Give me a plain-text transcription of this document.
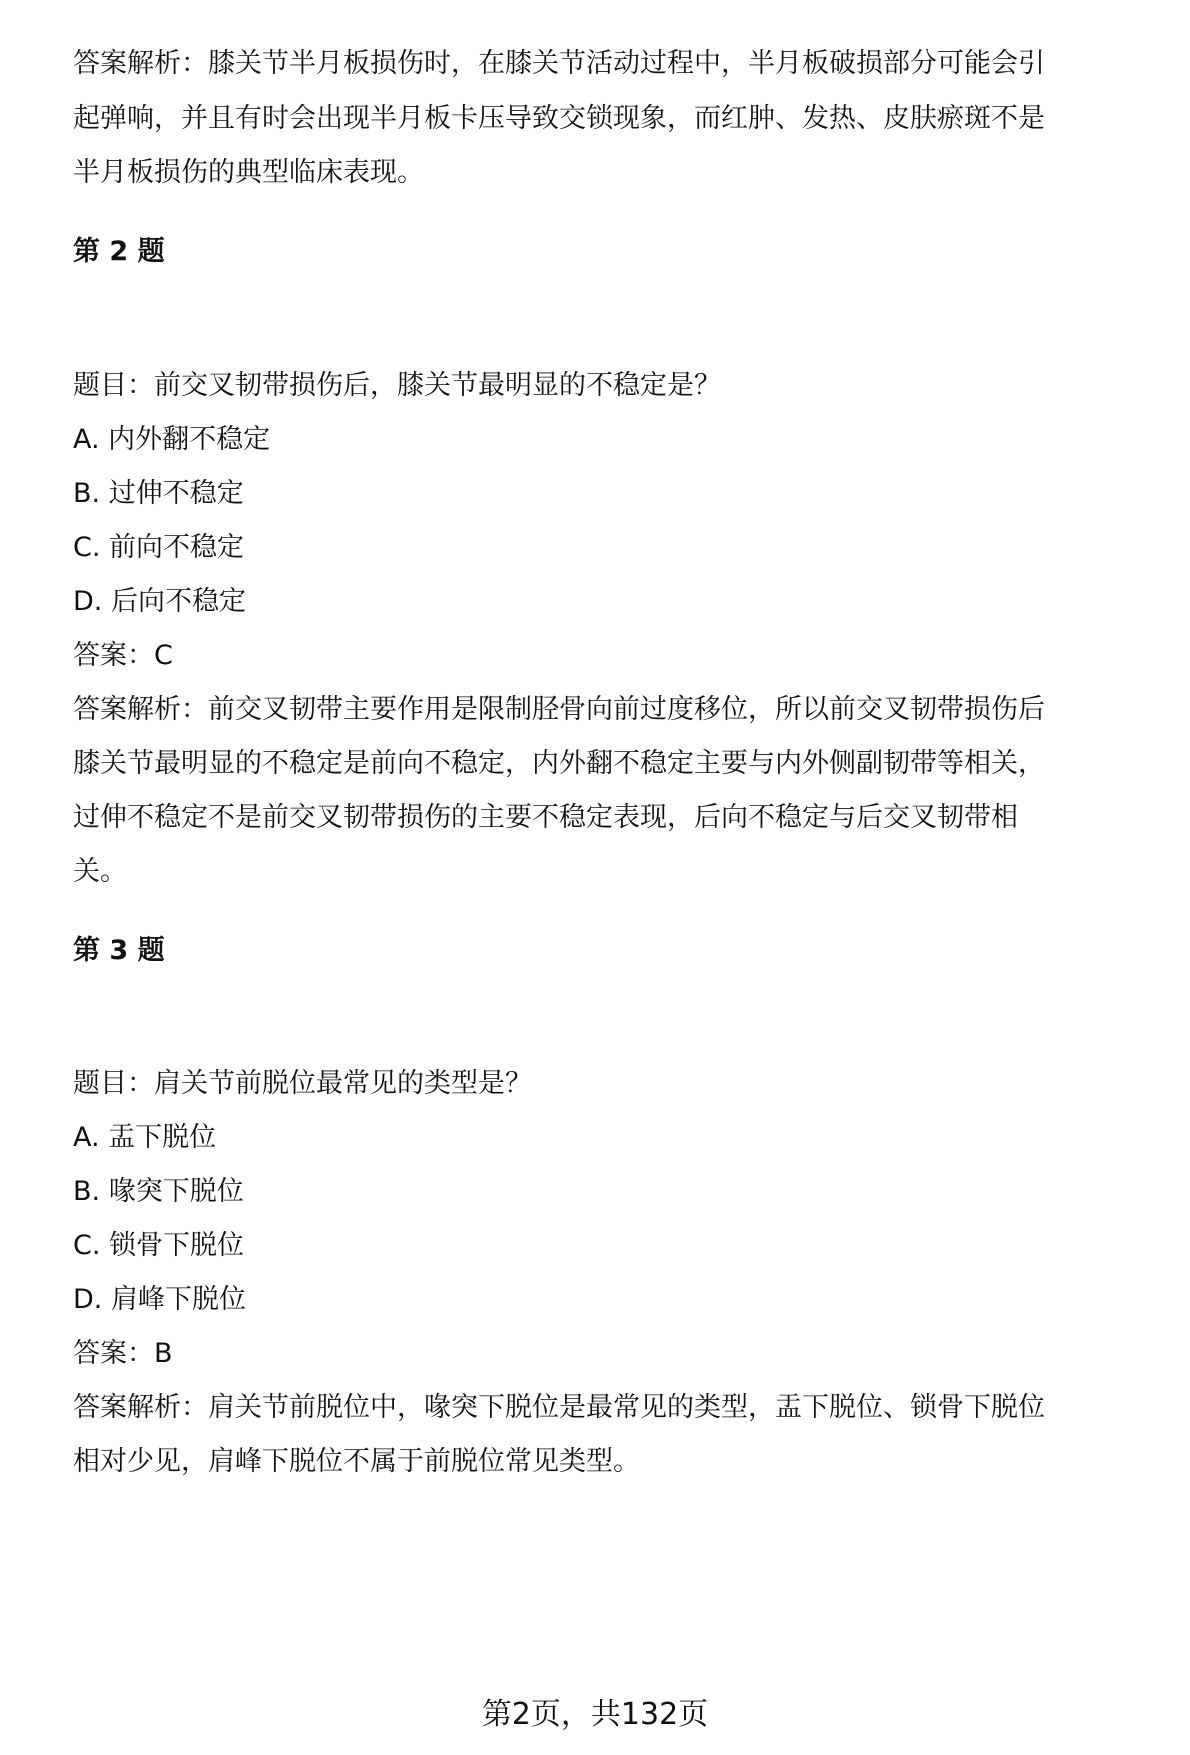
答案解析：膝关节半月板损伤时，在膝关节活动过程中，半月板破损部分可能会引
起弹响，并且有时会出现半月板卡压导致交锁现象，而红肿、发热、皮肤瘀斑不是
半月板损伤的典型临床表现。
第 2 题
题目：前交叉韧带损伤后，膝关节最明显的不稳定是？
A. 内外翻不稳定
B. 过伸不稳定
C. 前向不稳定
D. 后向不稳定
答案：C
答案解析：前交叉韧带主要作用是限制胫骨向前过度移位，所以前交叉韧带损伤后
膝关节最明显的不稳定是前向不稳定，内外翻不稳定主要与内外侧副韧带等相关，
过伸不稳定不是前交叉韧带损伤的主要不稳定表现，后向不稳定与后交叉韧带相
关。
第 3 题
题目：肩关节前脱位最常见的类型是？
A. 盂下脱位
B. 喙突下脱位
C. 锁骨下脱位
D. 肩峰下脱位
答案：B
答案解析：肩关节前脱位中，喙突下脱位是最常见的类型，盂下脱位、锁骨下脱位
相对少见，肩峰下脱位不属于前脱位常见类型。
第2页，共132页
